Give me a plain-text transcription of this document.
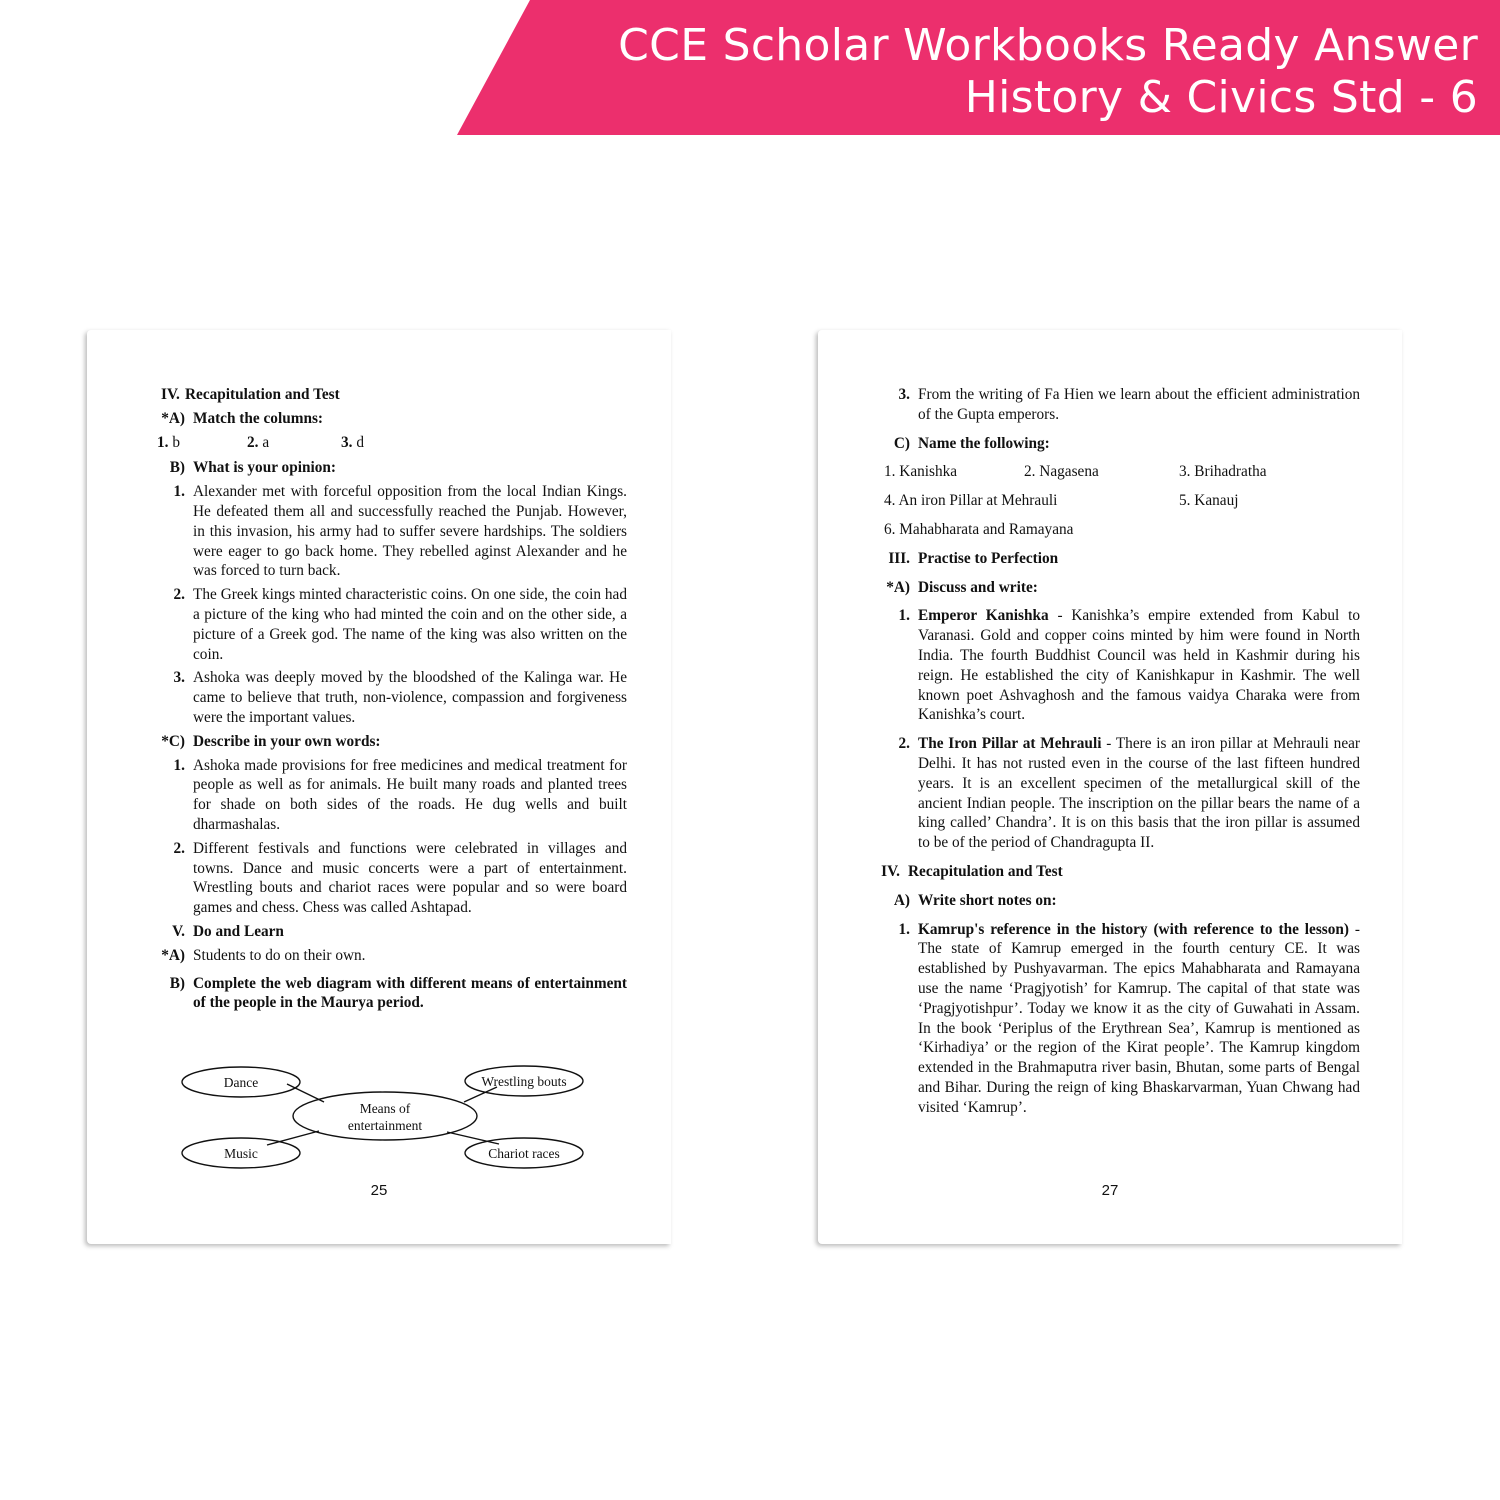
CCE Scholar Workbooks Ready Answer
History & Civics Std - 6
IV. Recapitulation and Test
*A) Match the columns:
1. b	2. a	3. d
B) What is your opinion:
1. Alexander met with forceful opposition from the local Indian Kings. He defeated them all and successfully reached the Punjab. However, in this invasion, his army had to suffer severe hardships. The soldiers were eager to go back home. They rebelled aginst Alexander and he was forced to turn back.
2. The Greek kings minted characteristic coins. On one side, the coin had a picture of the king who had minted the coin and on the other side, a picture of a Greek god. The name of the king was also written on the coin.
3. Ashoka was deeply moved by the bloodshed of the Kalinga war. He came to believe that truth, non-violence, compassion and forgiveness were the important values.
*C) Describe in your own words:
1. Ashoka made provisions for free medicines and medical treatment for people as well as for animals. He built many roads and planted trees for shade on both sides of the roads. He dug wells and built dharmashalas.
2. Different festivals and functions were celebrated in villages and towns. Dance and music concerts were a part of entertainment. Wrestling bouts and chariot races were popular and so were board games and chess. Chess was called Ashtapad.
V. Do and Learn
*A) Students to do on their own.
B) Complete the web diagram with different means of entertainment of the people in the Maurya period.
Dance	Wrestling bouts
Means of
entertainment
Music	Chariot races
25
3. From the writing of Fa Hien we learn about the efficient administration of the Gupta emperors.
C) Name the following:
1. Kanishka	2. Nagasena	3. Brihadratha
4. An iron Pillar at Mehrauli	5. Kanauj
6. Mahabharata and Ramayana
III. Practise to Perfection
*A) Discuss and write:
1. Emperor Kanishka - Kanishka’s empire extended from Kabul to Varanasi. Gold and copper coins minted by him were found in North India. The fourth Buddhist Council was held in Kashmir during his reign. He established the city of Kanishkapur in Kashmir. The well known poet Ashvaghosh and the famous vaidya Charaka were from Kanishka’s court.
2. The Iron Pillar at Mehrauli - There is an iron pillar at Mehrauli near Delhi. It has not rusted even in the course of the last fifteen hundred years. It is an excellent specimen of the metallurgical skill of the ancient Indian people. The inscription on the pillar bears the name of a king called’ Chandra’. It is on this basis that the iron pillar is assumed to be of the period of Chandragupta II.
IV. Recapitulation and Test
A) Write short notes on:
1. Kamrup's reference in the history (with reference to the lesson) - The state of Kamrup emerged in the fourth century CE. It was established by Pushyavarman. The epics Mahabharata and Ramayana use the name ‘Pragjyotish’ for Kamrup. The capital of that state was ‘Pragjyotishpur’. Today we know it as the city of Guwahati in Assam. In the book ‘Periplus of the Erythrean Sea’, Kamrup is mentioned as ‘Kirhadiya’ or the region of the Kirat people’. The Kamrup kingdom extended in the Brahmaputra river basin, Bhutan, some parts of Bengal and Bihar. During the reign of king Bhaskarvarman, Yuan Chwang had visited ‘Kamrup’.
27
